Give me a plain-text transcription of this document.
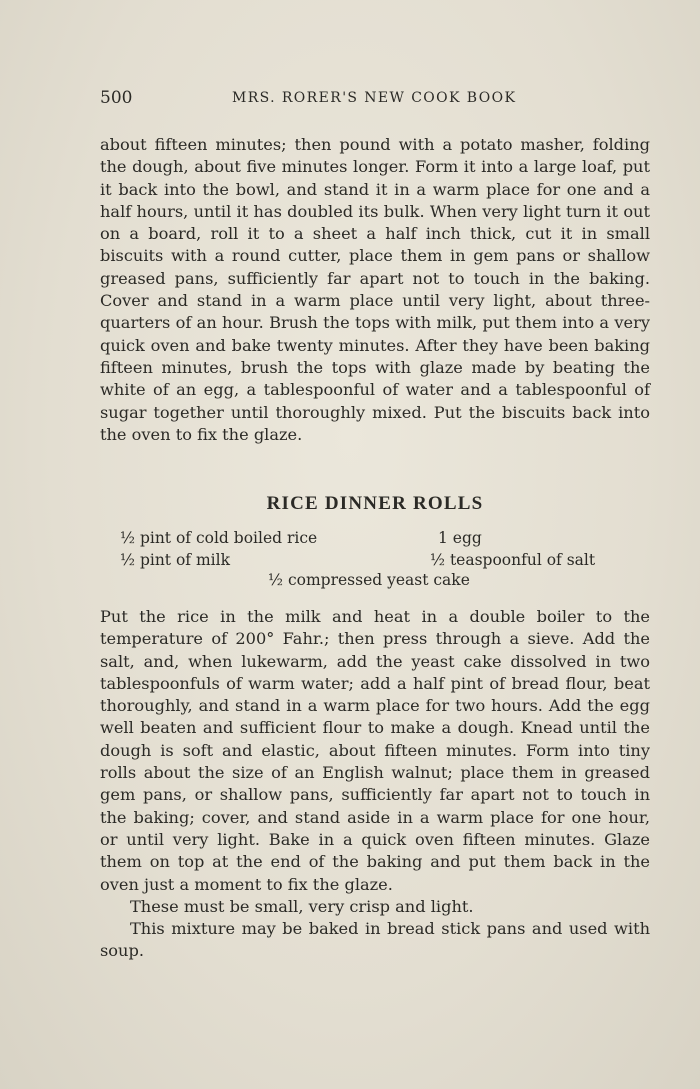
500	MRS. RORER'S NEW COOK BOOK

about fifteen minutes; then pound with a potato masher, folding the dough, about five minutes longer. Form it into a large loaf, put it back into the bowl, and stand it in a warm place for one and a half hours, until it has doubled its bulk. When very light turn it out on a board, roll it to a sheet a half inch thick, cut it in small biscuits with a round cutter, place them in gem pans or shallow greased pans, sufficiently far apart not to touch in the baking. Cover and stand in a warm place until very light, about three-quarters of an hour. Brush the tops with milk, put them into a very quick oven and bake twenty minutes. After they have been baking fifteen minutes, brush the tops with glaze made by beating the white of an egg, a tablespoonful of water and a tablespoonful of sugar together until thoroughly mixed. Put the biscuits back into the oven to fix the glaze.

RICE DINNER ROLLS
½ pint of cold boiled rice	1 egg
½ pint of milk	½ teaspoonful of salt
½ compressed yeast cake

Put the rice in the milk and heat in a double boiler to the temperature of 200° Fahr.; then press through a sieve. Add the salt, and, when lukewarm, add the yeast cake dissolved in two tablespoonfuls of warm water; add a half pint of bread flour, beat thoroughly, and stand in a warm place for two hours. Add the egg well beaten and sufficient flour to make a dough. Knead until the dough is soft and elastic, about fifteen minutes. Form into tiny rolls about the size of an English walnut; place them in greased gem pans, or shallow pans, sufficiently far apart not to touch in the baking; cover, and stand aside in a warm place for one hour, or until very light. Bake in a quick oven fifteen minutes. Glaze them on top at the end of the baking and put them back in the oven just a moment to fix the glaze.

These must be small, very crisp and light.

This mixture may be baked in bread stick pans and used with soup.
